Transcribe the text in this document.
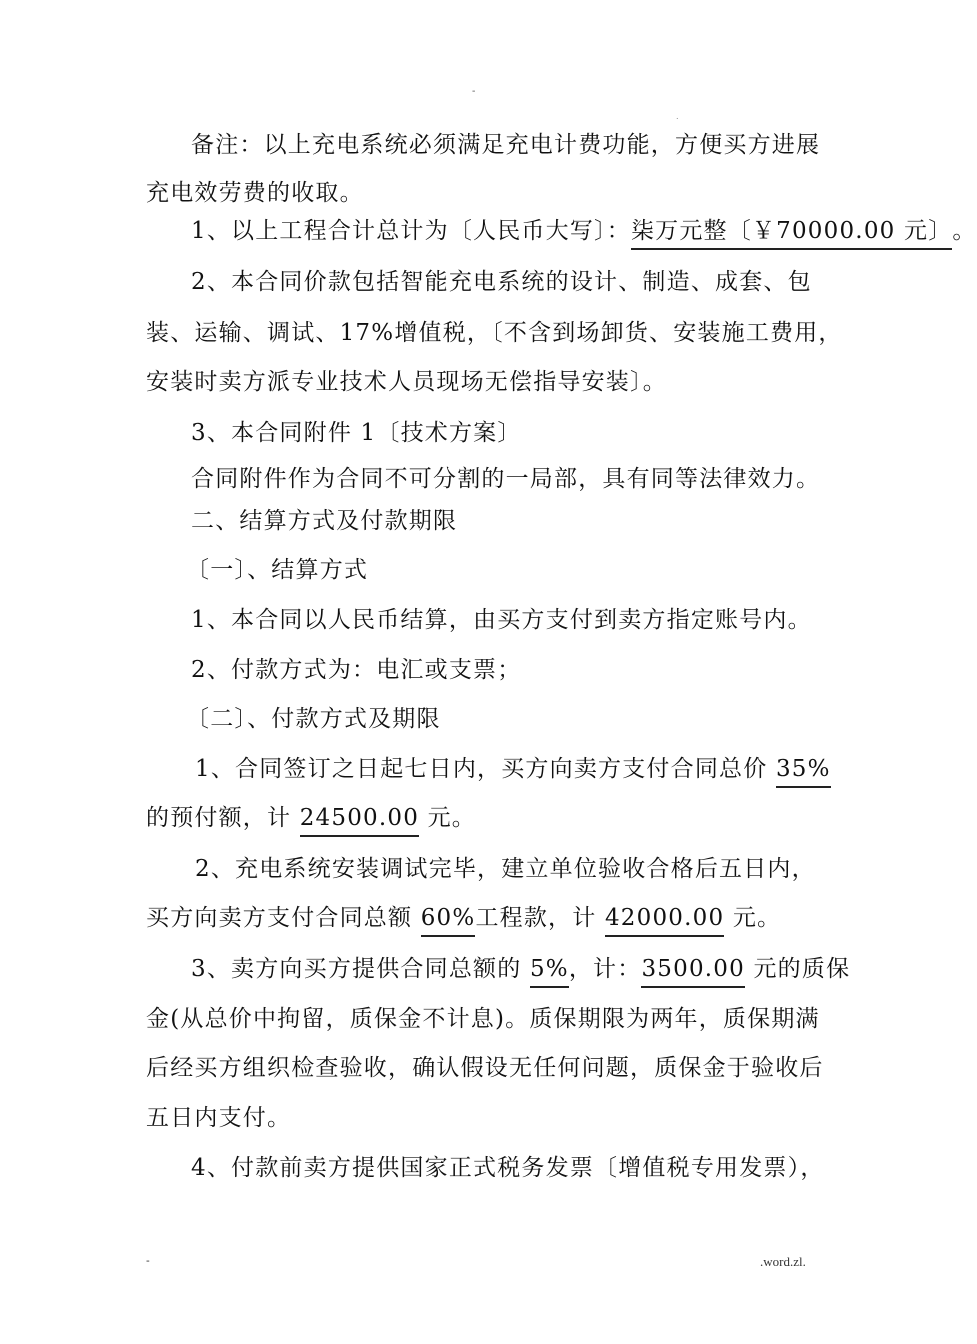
-
.
备注：以上充电系统必须满足充电计费功能，方便买方进展
充电效劳费的收取。
1、以上工程合计总计为〔人民币大写〕：柒万元整〔￥70000.00 元〕。
2、本合同价款包括智能充电系统的设计、制造、成套、包
装、运输、调试、17%增值税，〔不含到场卸货、安装施工费用，
安装时卖方派专业技术人员现场无偿指导安装〕。
3、本合同附件 1〔技术方案〕
合同附件作为合同不可分割的一局部，具有同等法律效力。
二、结算方式及付款期限
〔一〕、结算方式
1、本合同以人民币结算，由买方支付到卖方指定账号内。
2、付款方式为：电汇或支票；
〔二〕、付款方式及期限
1、合同签订之日起七日内，买方向卖方支付合同总价 35%
的预付额，计 24500.00 元。
2、充电系统安装调试完毕，建立单位验收合格后五日内，
买方向卖方支付合同总额 60%工程款，计 42000.00 元。
3、卖方向买方提供合同总额的 5%，计：3500.00 元的质保
金(从总价中拘留，质保金不计息)。质保期限为两年，质保期满
后经买方组织检查验收，确认假设无任何问题，质保金于验收后
五日内支付。
4、付款前卖方提供国家正式税务发票〔增值税专用发票），
-	.word.zl.
